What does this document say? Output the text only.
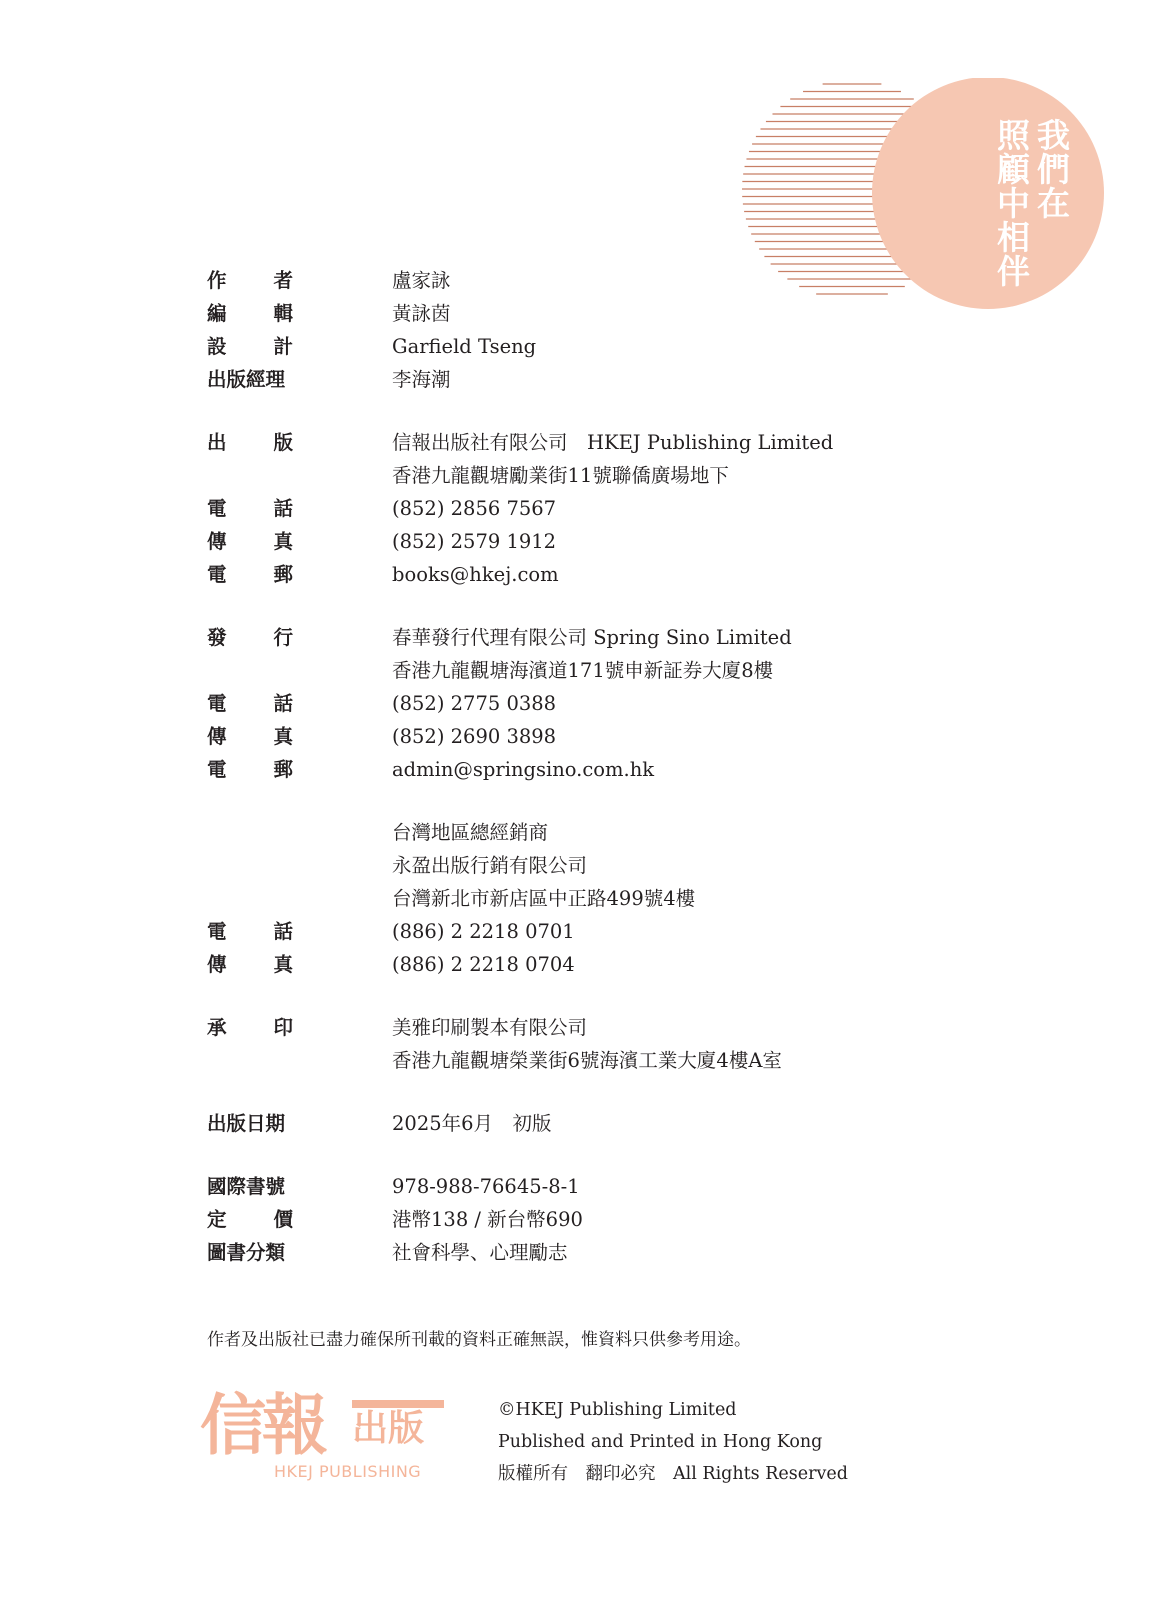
我們在
照顧中相伴
作 者	盧家詠
編 輯	黃詠茵
設 計	Garfield Tseng
出版經理	李海潮
出 版	信報出版社有限公司　HKEJ Publishing Limited
香港九龍觀塘勵業街11號聯僑廣場地下
電 話	(852) 2856 7567
傳 真	(852) 2579 1912
電 郵	books@hkej.com
發 行	春華發行代理有限公司 Spring Sino Limited
香港九龍觀塘海濱道171號申新証券大廈8樓
電 話	(852) 2775 0388
傳 真	(852) 2690 3898
電 郵	admin@springsino.com.hk
台灣地區總經銷商
永盈出版行銷有限公司
台灣新北市新店區中正路499號4樓
電 話	(886) 2 2218 0701
傳 真	(886) 2 2218 0704
承 印	美雅印刷製本有限公司
香港九龍觀塘榮業街6號海濱工業大廈4樓A室
出版日期	2025年6月　初版
國際書號	978-988-76645-8-1
定 價	港幣138 / 新台幣690
圖書分類	社會科學、心理勵志
作者及出版社已盡力確保所刊載的資料正確無誤，惟資料只供參考用途。
信報 出版
HKEJ PUBLISHING
©HKEJ Publishing Limited
Published and Printed in Hong Kong
版權所有　翻印必究　All Rights Reserved
